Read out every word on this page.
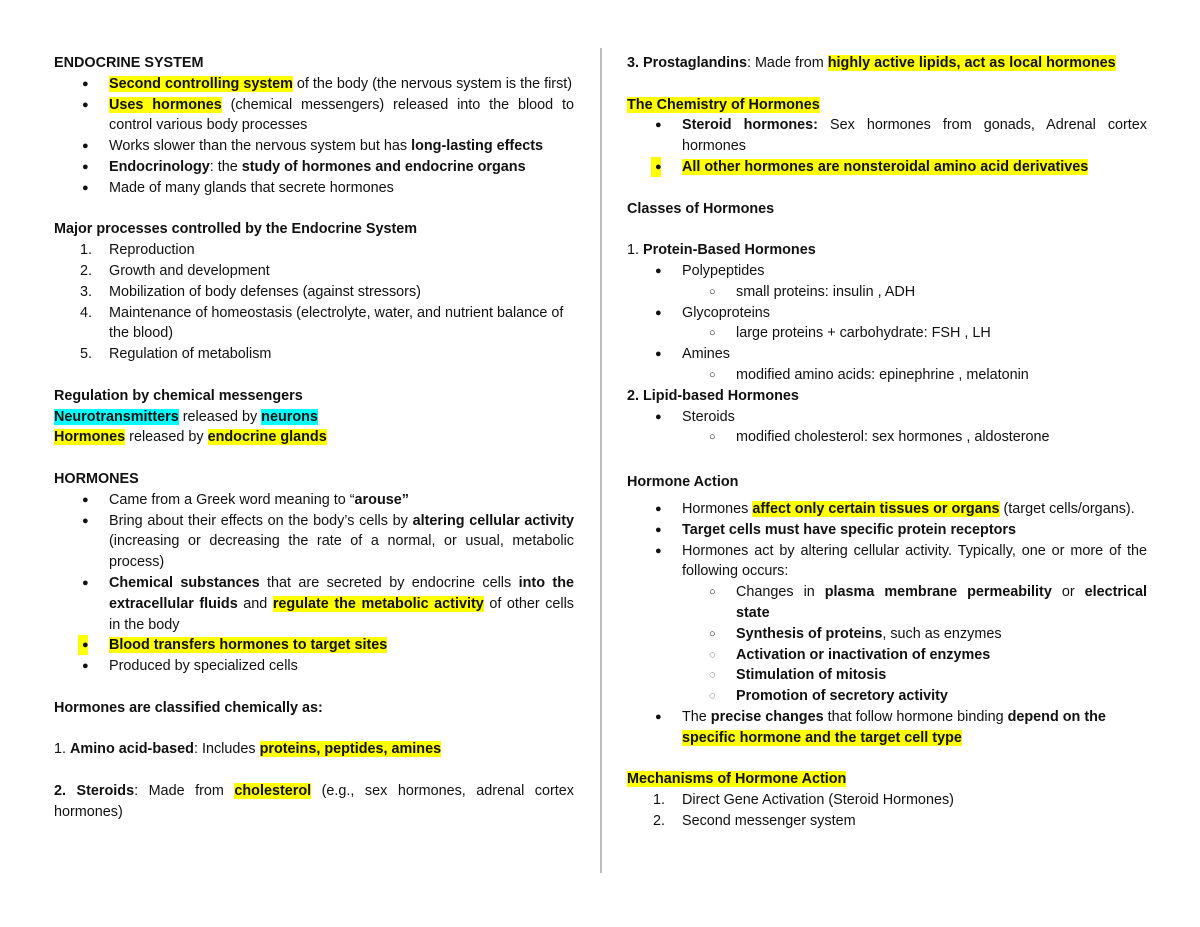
ENDOCRINE SYSTEM

● Second controlling system of the body (the nervous system is the first)
● Uses hormones (chemical messengers) released into the blood to control various body processes
● Works slower than the nervous system but has long-lasting effects
● Endocrinology: the study of hormones and endocrine organs
● Made of many glands that secrete hormones

Major processes controlled by the Endocrine System

1. Reproduction
2. Growth and development
3. Mobilization of body defenses (against stressors)
4. Maintenance of homeostasis (electrolyte, water, and nutrient balance of the blood)
5. Regulation of metabolism

Regulation by chemical messengers

Neurotransmitters released by neurons

Hormones released by endocrine glands

HORMONES

● Came from a Greek word meaning to “arouse”
● Bring about their effects on the body’s cells by altering cellular activity (increasing or decreasing the rate of a normal, or usual, metabolic process)
● Chemical substances that are secreted by endocrine cells into the extracellular fluids and regulate the metabolic activity of other cells in the body
● Blood transfers hormones to target sites
● Produced by specialized cells

Hormones are classified chemically as:

1. Amino acid-based: Includes proteins, peptides, amines

2. Steroids: Made from cholesterol (e.g., sex hormones, adrenal cortex hormones)

3. Prostaglandins: Made from highly active lipids, act as local hormones

The Chemistry of Hormones

● Steroid hormones: Sex hormones from gonads, Adrenal cortex hormones
● All other hormones are nonsteroidal amino acid derivatives

Classes of Hormones

1. Protein-Based Hormones

● Polypeptides
○ small proteins: insulin , ADH
● Glycoproteins
○ large proteins + carbohydrate: FSH , LH
● Amines
○ modified amino acids: epinephrine , melatonin

2. Lipid-based Hormones

● Steroids
○ modified cholesterol: sex hormones , aldosterone

Hormone Action

● Hormones affect only certain tissues or organs (target cells/organs).
● Target cells must have specific protein receptors
● Hormones act by altering cellular activity. Typically, one or more of the following occurs:
○ Changes in plasma membrane permeability or electrical state
○ Synthesis of proteins, such as enzymes
◌ Activation or inactivation of enzymes
◌ Stimulation of mitosis
◌ Promotion of secretory activity
● The precise changes that follow hormone binding depend on the
specific hormone and the target cell type

Mechanisms of Hormone Action

1. Direct Gene Activation (Steroid Hormones)
2. Second messenger system
